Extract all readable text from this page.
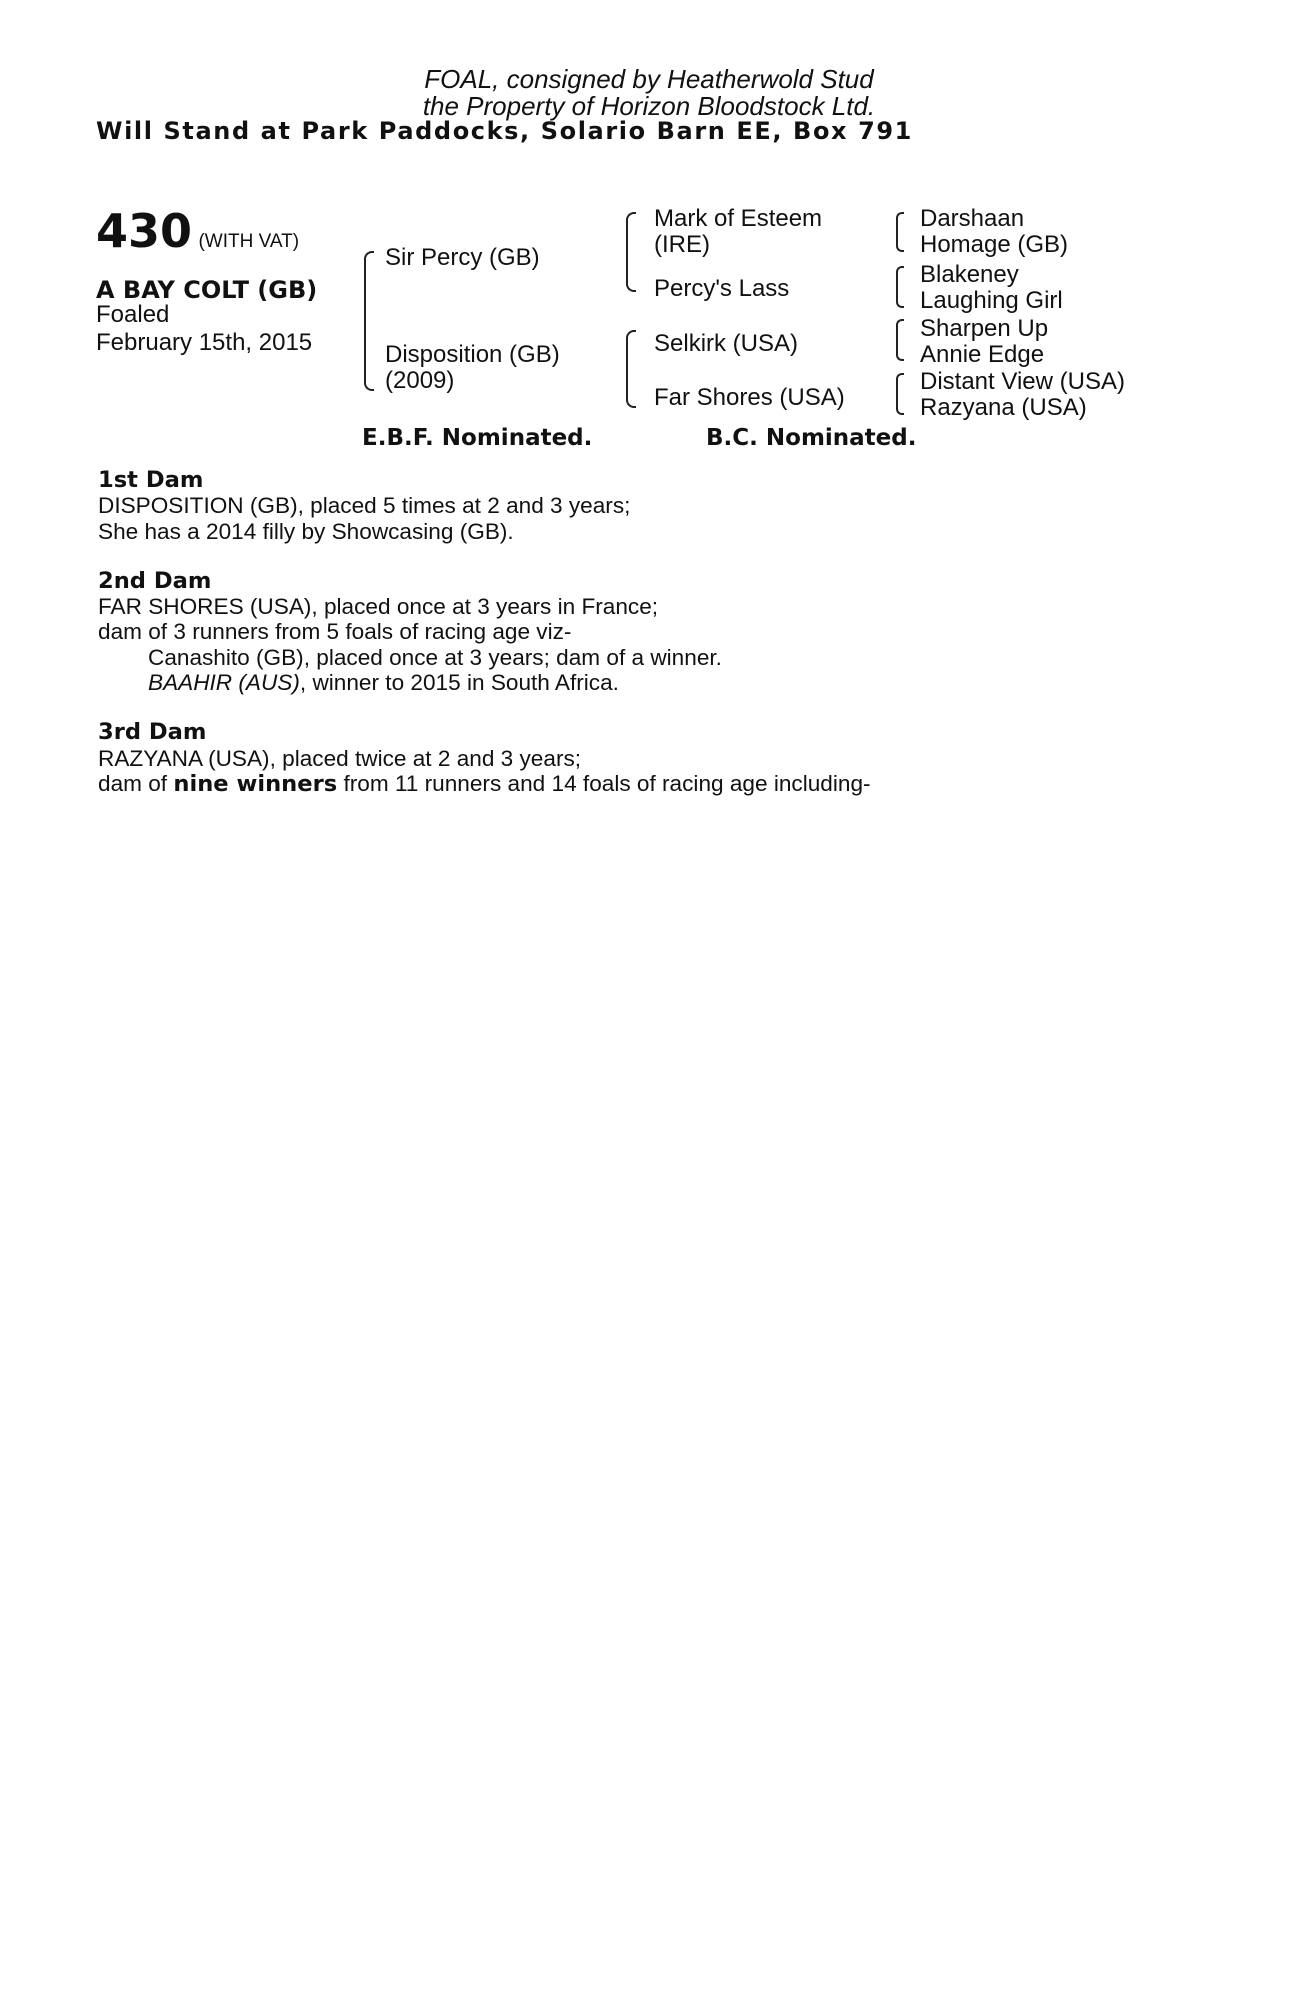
FOAL, consigned by Heatherwold Stud
the Property of Horizon Bloodstock Ltd.
Will Stand at Park Paddocks, Solario Barn EE, Box 791
430 (WITH VAT)
A BAY COLT (GB)
Foaled
February 15th, 2015
Sir Percy (GB)
Disposition (GB)
(2009)
Mark of Esteem
(IRE)
Percy's Lass
Selkirk (USA)
Far Shores (USA)
Darshaan
Homage (GB)
Blakeney
Laughing Girl
Sharpen Up
Annie Edge
Distant View (USA)
Razyana (USA)
E.B.F. Nominated.	B.C. Nominated.

1st Dam

DISPOSITION (GB), placed 5 times at 2 and 3 years;

She has a 2014 filly by Showcasing (GB).

2nd Dam

FAR SHORES (USA), placed once at 3 years in France;

dam of 3 runners from 5 foals of racing age viz-

Canashito (GB), placed once at 3 years; dam of a winner.

BAAHIR (AUS), winner to 2015 in South Africa.

3rd Dam

RAZYANA (USA), placed twice at 2 and 3 years;

dam of nine winners from 11 runners and 14 foals of racing age including-
